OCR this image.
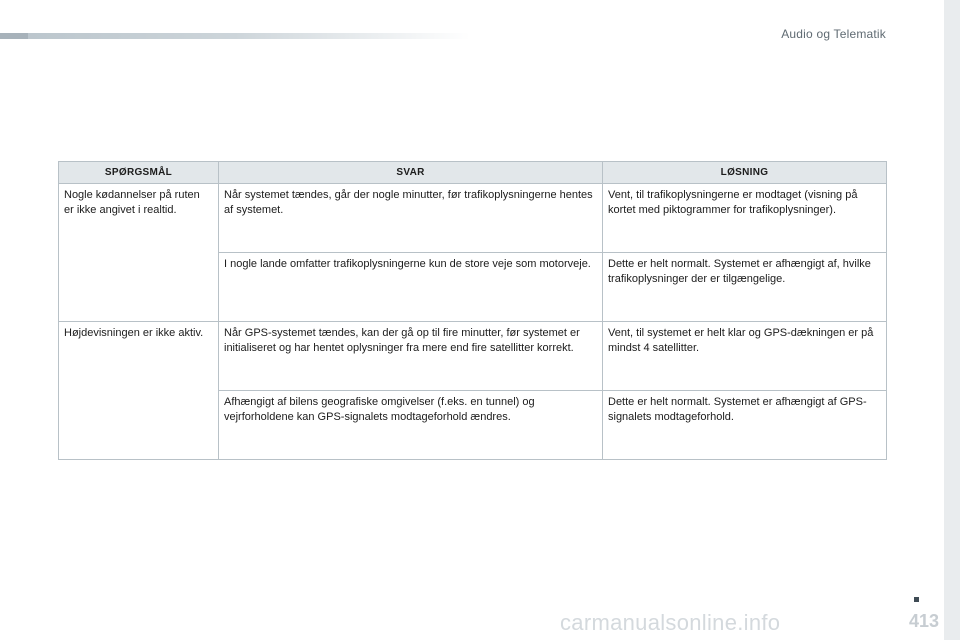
Audio og Telematik
SPØRGSMÅL	SVAR	LØSNING
Nogle kødannelser på ruten er ikke angivet i realtid.	Når systemet tændes, går der nogle minutter, før trafikoplysningerne hentes af systemet.	Vent, til trafikoplysningerne er modtaget (visning på kortet med piktogrammer for trafikoplysninger).
	I nogle lande omfatter trafikoplysningerne kun de store veje som motorveje.	Dette er helt normalt. Systemet er afhængigt af, hvilke trafikoplysninger der er tilgængelige.
Højdevisningen er ikke aktiv.	Når GPS-systemet tændes, kan der gå op til fire minutter, før systemet er initialiseret og har hentet oplysninger fra mere end fire satellitter korrekt.	Vent, til systemet er helt klar og GPS-dækningen er på mindst 4 satellitter.
	Afhængigt af bilens geografiske omgivelser (f.eks. en tunnel) og vejrforholdene kan GPS-signalets modtageforhold ændres.	Dette er helt normalt. Systemet er afhængigt af GPS-signalets modtageforhold.
carmanualsonline.info	413
